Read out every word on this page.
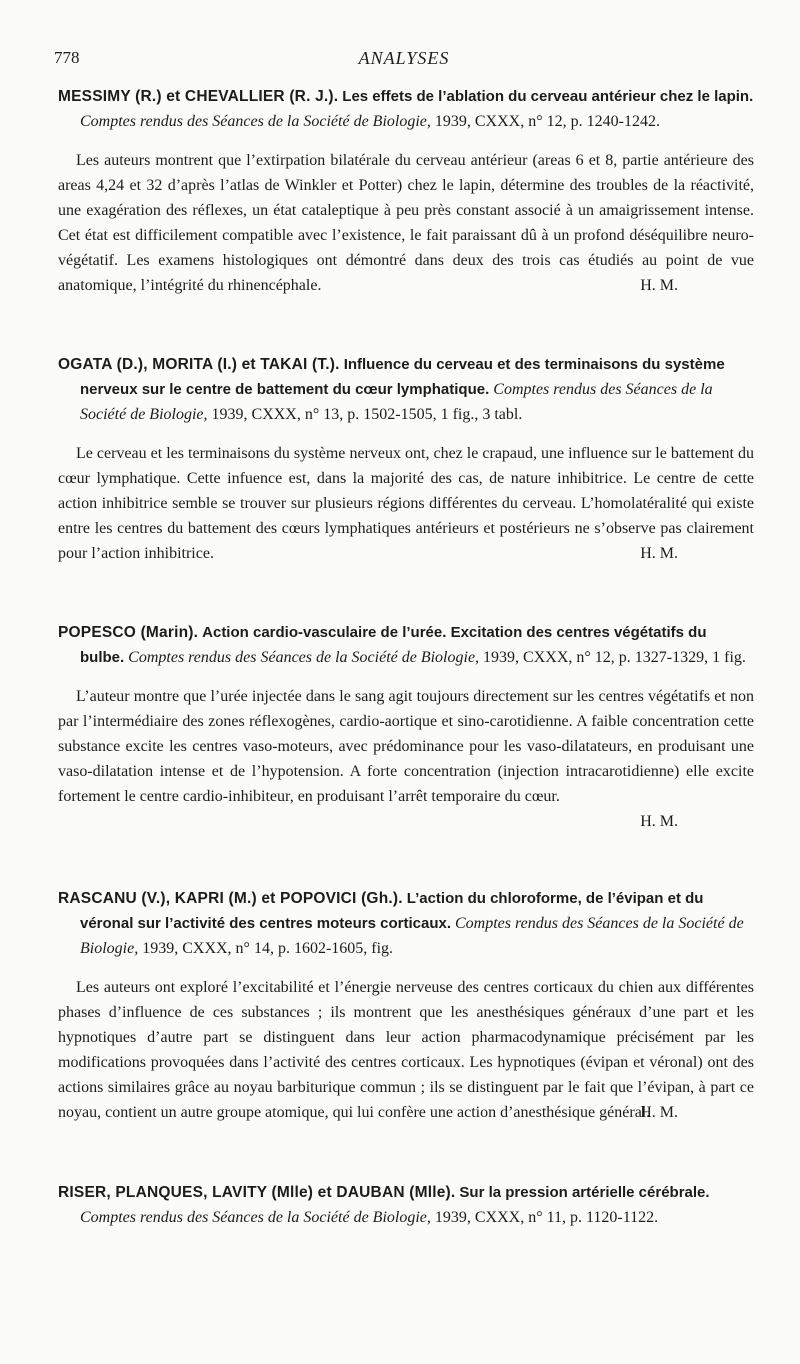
778	ANALYSES

MESSIMY (R.) et CHEVALLIER (R. J.). Les effets de l’ablation du cerveau antérieur chez le lapin. Comptes rendus des Séances de la Société de Biologie, 1939, CXXX, n° 12, p. 1240-1242.

Les auteurs montrent que l’extirpation bilatérale du cerveau antérieur (areas 6 et 8, partie antérieure des areas 4,24 et 32 d’après l’atlas de Winkler et Potter) chez le lapin, détermine des troubles de la réactivité, une exagération des réflexes, un état cataleptique à peu près constant associé à un amaigrissement intense. Cet état est difficilement compatible avec l’existence, le fait paraissant dû à un profond déséquilibre neuro-végétatif. Les examens histologiques ont démontré dans deux des trois cas étudiés au point de vue anatomique, l’intégrité du rhinencéphale.	H. M.

OGATA (D.), MORITA (I.) et TAKAI (T.). Influence du cerveau et des terminaisons du système nerveux sur le centre de battement du cœur lymphatique. Comptes rendus des Séances de la Société de Biologie, 1939, CXXX, n° 13, p. 1502-1505, 1 fig., 3 tabl.

Le cerveau et les terminaisons du système nerveux ont, chez le crapaud, une influence sur le battement du cœur lymphatique. Cette infuence est, dans la majorité des cas, de nature inhibitrice. Le centre de cette action inhibitrice semble se trouver sur plusieurs régions différentes du cerveau. L’homolatéralité qui existe entre les centres du battement des cœurs lymphatiques antérieurs et postérieurs ne s’observe pas clairement pour l’action inhibitrice.	H. M.

POPESCO (Marin). Action cardio-vasculaire de l’urée. Excitation des centres végétatifs du bulbe. Comptes rendus des Séances de la Société de Biologie, 1939, CXXX, n° 12, p. 1327-1329, 1 fig.

L’auteur montre que l’urée injectée dans le sang agit toujours directement sur les centres végétatifs et non par l’intermédiaire des zones réflexogènes, cardio-aortique et sino-carotidienne. A faible concentration cette substance excite les centres vaso-moteurs, avec prédominance pour les vaso-dilatateurs, en produisant une vaso-dilatation intense et de l’hypotension. A forte concentration (injection intracarotidienne) elle excite fortement le centre cardio-inhibiteur, en produisant l’arrêt temporaire du cœur.

H. M.

RASCANU (V.), KAPRI (M.) et POPOVICI (Gh.). L’action du chloroforme, de l’évipan et du véronal sur l’activité des centres moteurs corticaux. Comptes rendus des Séances de la Société de Biologie, 1939, CXXX, n° 14, p. 1602-1605, fig.

Les auteurs ont exploré l’excitabilité et l’énergie nerveuse des centres corticaux du chien aux différentes phases d’influence de ces substances ; ils montrent que les anesthésiques généraux d’une part et les hypnotiques d’autre part se distinguent dans leur action pharmacodynamique précisément par les modifications provoquées dans l’activité des centres corticaux. Les hypnotiques (évipan et véronal) ont des actions similaires grâce au noyau barbiturique commun ; ils se distinguent par le fait que l’évipan, à part ce noyau, contient un autre groupe atomique, qui lui confère une action d’anesthésique général.

H. M.

RISER, PLANQUES, LAVITY (Mlle) et DAUBAN (Mlle). Sur la pression artérielle cérébrale. Comptes rendus des Séances de la Société de Biologie, 1939, CXXX, n° 11, p. 1120-1122.
